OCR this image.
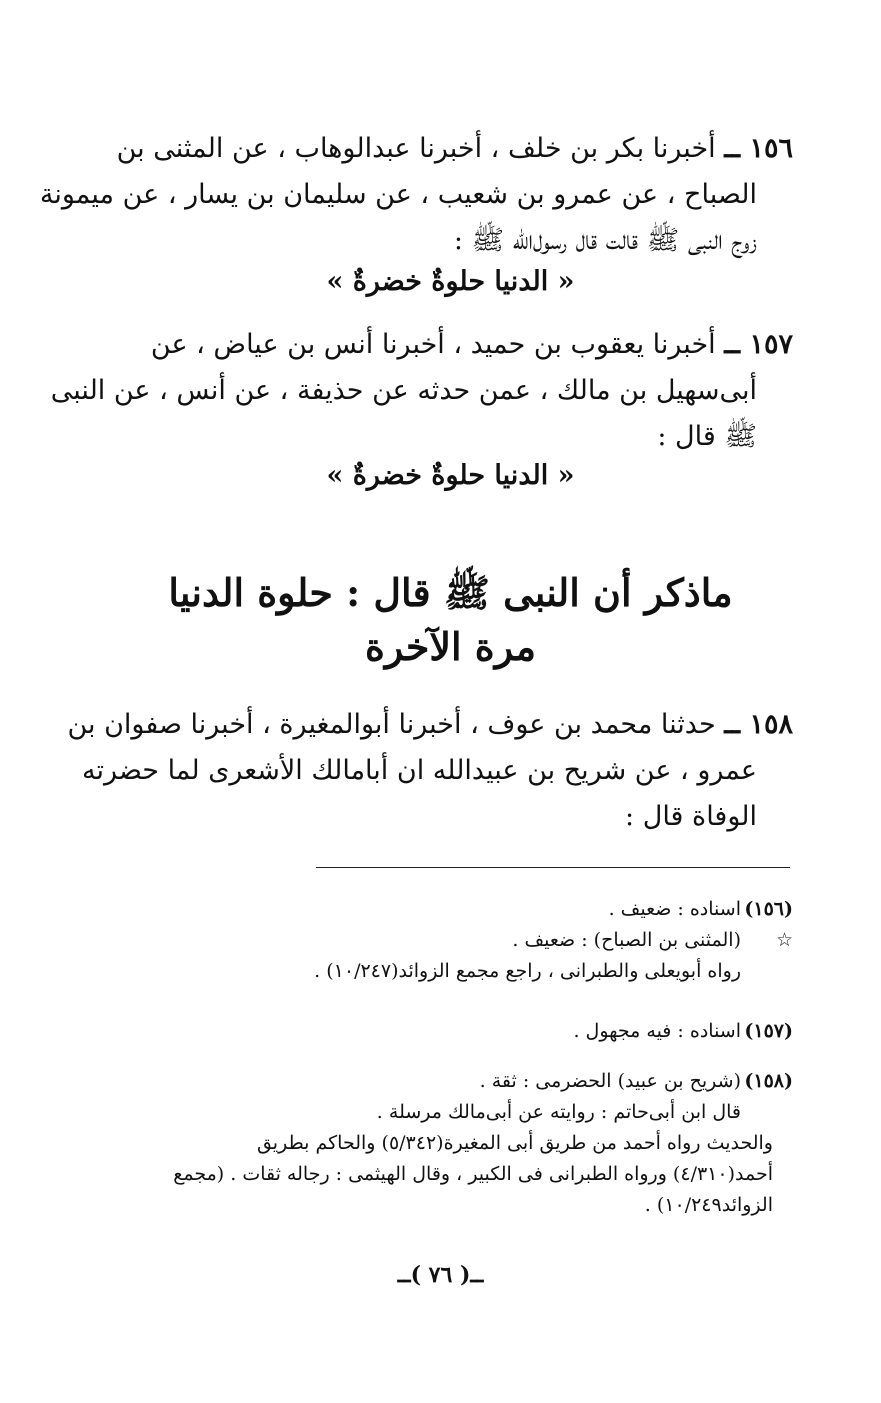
١٥٦ ــ أخبرنا بكر بن خلف ، أخبرنا عبدالوهاب ، عن المثنى بن
الصباح ، عن عمرو بن شعيب ، عن سليمان بن يسار ، عن ميمونة
زوج النبى ﷺ قالت قال رسول‌الله ﷺ :
« الدنيا حلوةٌ خضرةٌ »
١٥٧ ــ أخبرنا يعقوب بن حميد ، أخبرنا أنس بن عياض ، عن
أبى‌سهيل بن مالك ، عمن حدثه عن حذيفة ، عن أنس ، عن النبى
ﷺ قال :
« الدنيا حلوةٌ خضرةٌ »
ماذكر أن النبى ﷺ قال : حلوة الدنيا
مرة الآخرة
١٥٨ ــ حدثنا محمد بن عوف ، أخبرنا أبوالمغيرة ، أخبرنا صفوان بن
عمرو ، عن شريح بن عبيدالله ان أبامالك الأشعرى لما حضرته
الوفاة قال :
(١٥٦)اسناده : ضعيف .
☆(المثنى بن الصباح) : ضعيف .
رواه أبويعلى والطبرانى ، راجع مجمع الزوائد(١٠/٢٤٧) .
(١٥٧)اسناده : فيه مجهول .
(١٥٨)(شريح بن عبيد) الحضرمى : ثقة .
قال ابن أبى‌حاتم : روايته عن أبى‌مالك مرسلة .
والحديث رواه أحمد من طريق أبى المغيرة(٥/٣٤٢) والحاكم بطريق
أحمد(٤/٣١٠) ورواه الطبرانى فى الكبير ، وقال الهيثمى : رجاله ثقات . (مجمع
الزوائد١٠/٢٤٩) .
ــ( ٧٦ )ــ
